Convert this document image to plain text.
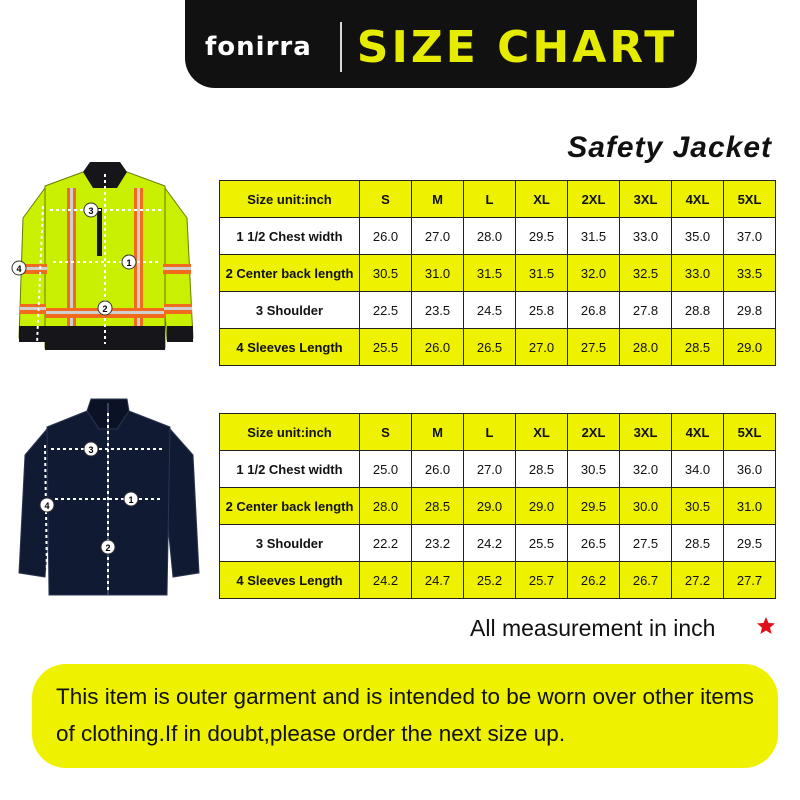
fonirra	SIZE CHART
Safety Jacket
3
1
2
4
3
1
2
4
Size unit:inch	S	M	L	XL	2XL	3XL	4XL	5XL
1 1/2 Chest width	26.0	27.0	28.0	29.5	31.5	33.0	35.0	37.0
2 Center back length	30.5	31.0	31.5	31.5	32.0	32.5	33.0	33.5
3 Shoulder	22.5	23.5	24.5	25.8	26.8	27.8	28.8	29.8
4 Sleeves Length	25.5	26.0	26.5	27.0	27.5	28.0	28.5	29.0
Size unit:inch	S	M	L	XL	2XL	3XL	4XL	5XL
1 1/2 Chest width	25.0	26.0	27.0	28.5	30.5	32.0	34.0	36.0
2 Center back length	28.0	28.5	29.0	29.0	29.5	30.0	30.5	31.0
3 Shoulder	22.2	23.2	24.2	25.5	26.5	27.5	28.5	29.5
4 Sleeves Length	24.2	24.7	25.2	25.7	26.2	26.7	27.2	27.7
All measurement in inch
This item is outer garment and is intended to be worn over other items of clothing.If in doubt,please order the next size up.
